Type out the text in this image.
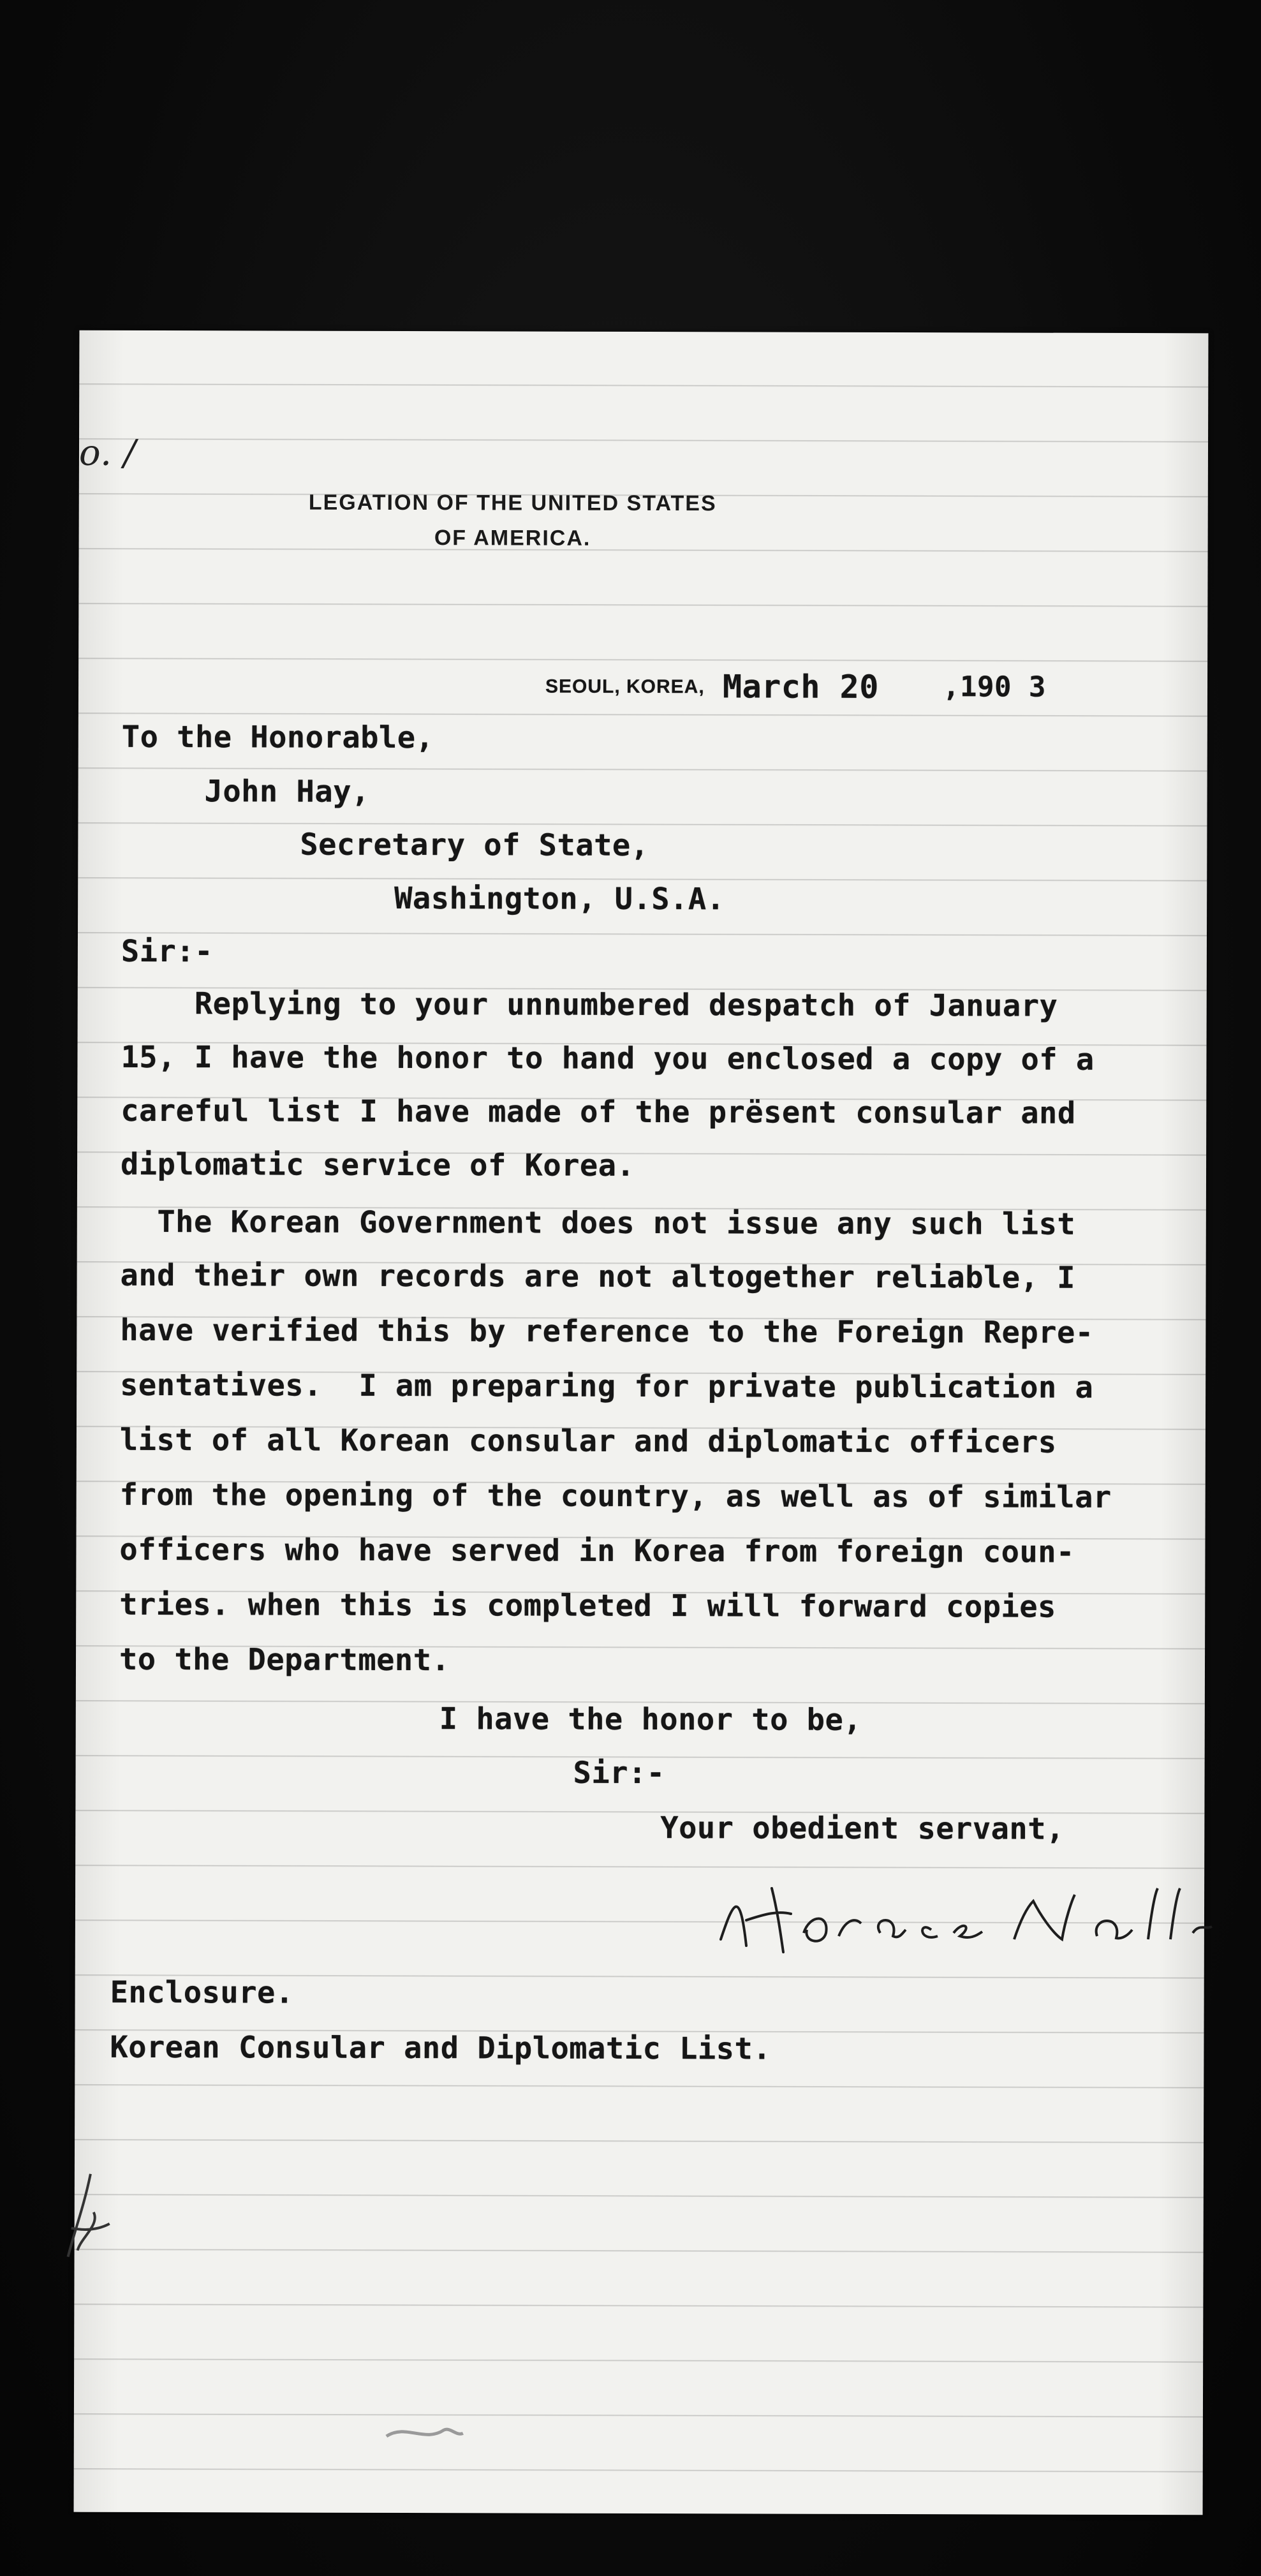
o. /
LEGATION OF THE UNITED STATES
OF AMERICA.
SEOUL, KOREA, March 20 ,190 3
To the Honorable,
John Hay,
Secretary of State,
Washington, U.S.A.
Sir:-
Replying to your unnumbered despatch of January
15, I have the honor to hand you enclosed a copy of a
careful list I have made of the prësent consular and
diplomatic service of Korea.
The Korean Government does not issue any such list
and their own records are not altogether reliable, I
have verified this by reference to the Foreign Repre-
sentatives.  I am preparing for private publication a
list of all Korean consular and diplomatic officers
from the opening of the country, as well as of similar
officers who have served in Korea from foreign coun-
tries. when this is completed I will forward copies
to the Department.
I have the honor to be,
Sir:-
Your obedient servant,
Enclosure.
Korean Consular and Diplomatic List.
